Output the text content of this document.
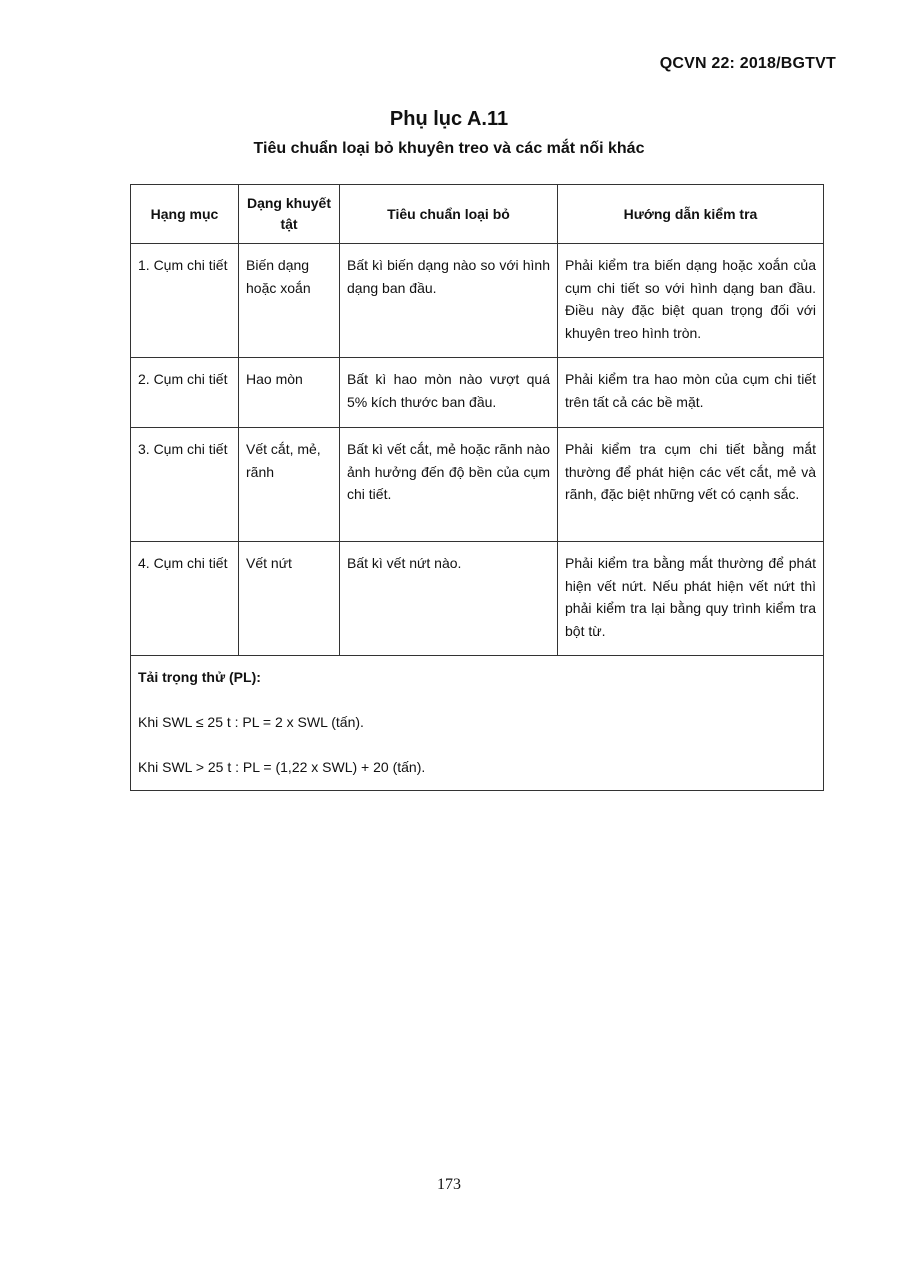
QCVN 22: 2018/BGTVT
Phụ lục A.11
Tiêu chuẩn loại bỏ khuyên treo và các mắt nối khác
Hạng mục	Dạng khuyết tật	Tiêu chuẩn loại bỏ	Hướng dẫn kiểm tra
1. Cụm chi tiết	Biến dạng hoặc xoắn	Bất kì biến dạng nào so với hình dạng ban đầu.	Phải kiểm tra biến dạng hoặc xoắn của cụm chi tiết so với hình dạng ban đầu. Điều này đặc biệt quan trọng đối với khuyên treo hình tròn.
2. Cụm chi tiết	Hao mòn	Bất kì hao mòn nào vượt quá 5% kích thước ban đầu.	Phải kiểm tra hao mòn của cụm chi tiết trên tất cả các bề mặt.
3. Cụm chi tiết	Vết cắt, mẻ, rãnh	Bất kì vết cắt, mẻ hoặc rãnh nào ảnh hưởng đến độ bền của cụm chi tiết.	Phải kiểm tra cụm chi tiết bằng mắt thường để phát hiện các vết cắt, mẻ và rãnh, đặc biệt những vết có cạnh sắc.
4. Cụm chi tiết	Vết nứt	Bất kì vết nứt nào.	Phải kiểm tra bằng mắt thường để phát hiện vết nứt. Nếu phát hiện vết nứt thì phải kiểm tra lại bằng quy trình kiểm tra bột từ.

Tải trọng thử (PL):
Khi SWL ≤ 25 t : PL = 2 x SWL (tấn).
Khi SWL > 25 t : PL = (1,22 x SWL) + 20 (tấn).			
173
